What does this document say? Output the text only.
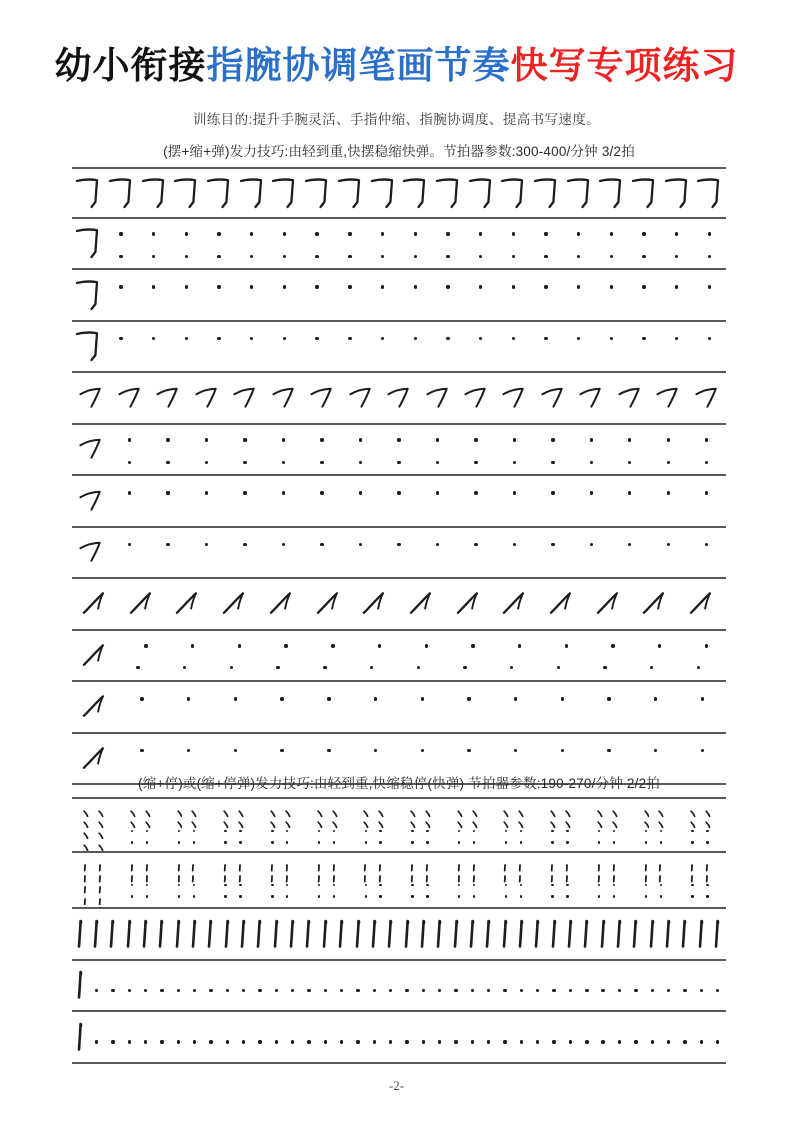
幼小衔接指腕协调笔画节奏快写专项练习
训练目的:提升手腕灵活、手指仲缩、指腕协调度、提高书写速度。
(摆+缩+弹)发力技巧:由轻到重,快摆稳缩快弹。节拍器参数:300-400/分钟 3/2拍
(缩+停)或(缩+停弹)发力技巧:由轻到重,快缩稳停(快弹) 节拍器参数:190-270/分钟 2/2拍
-2-
